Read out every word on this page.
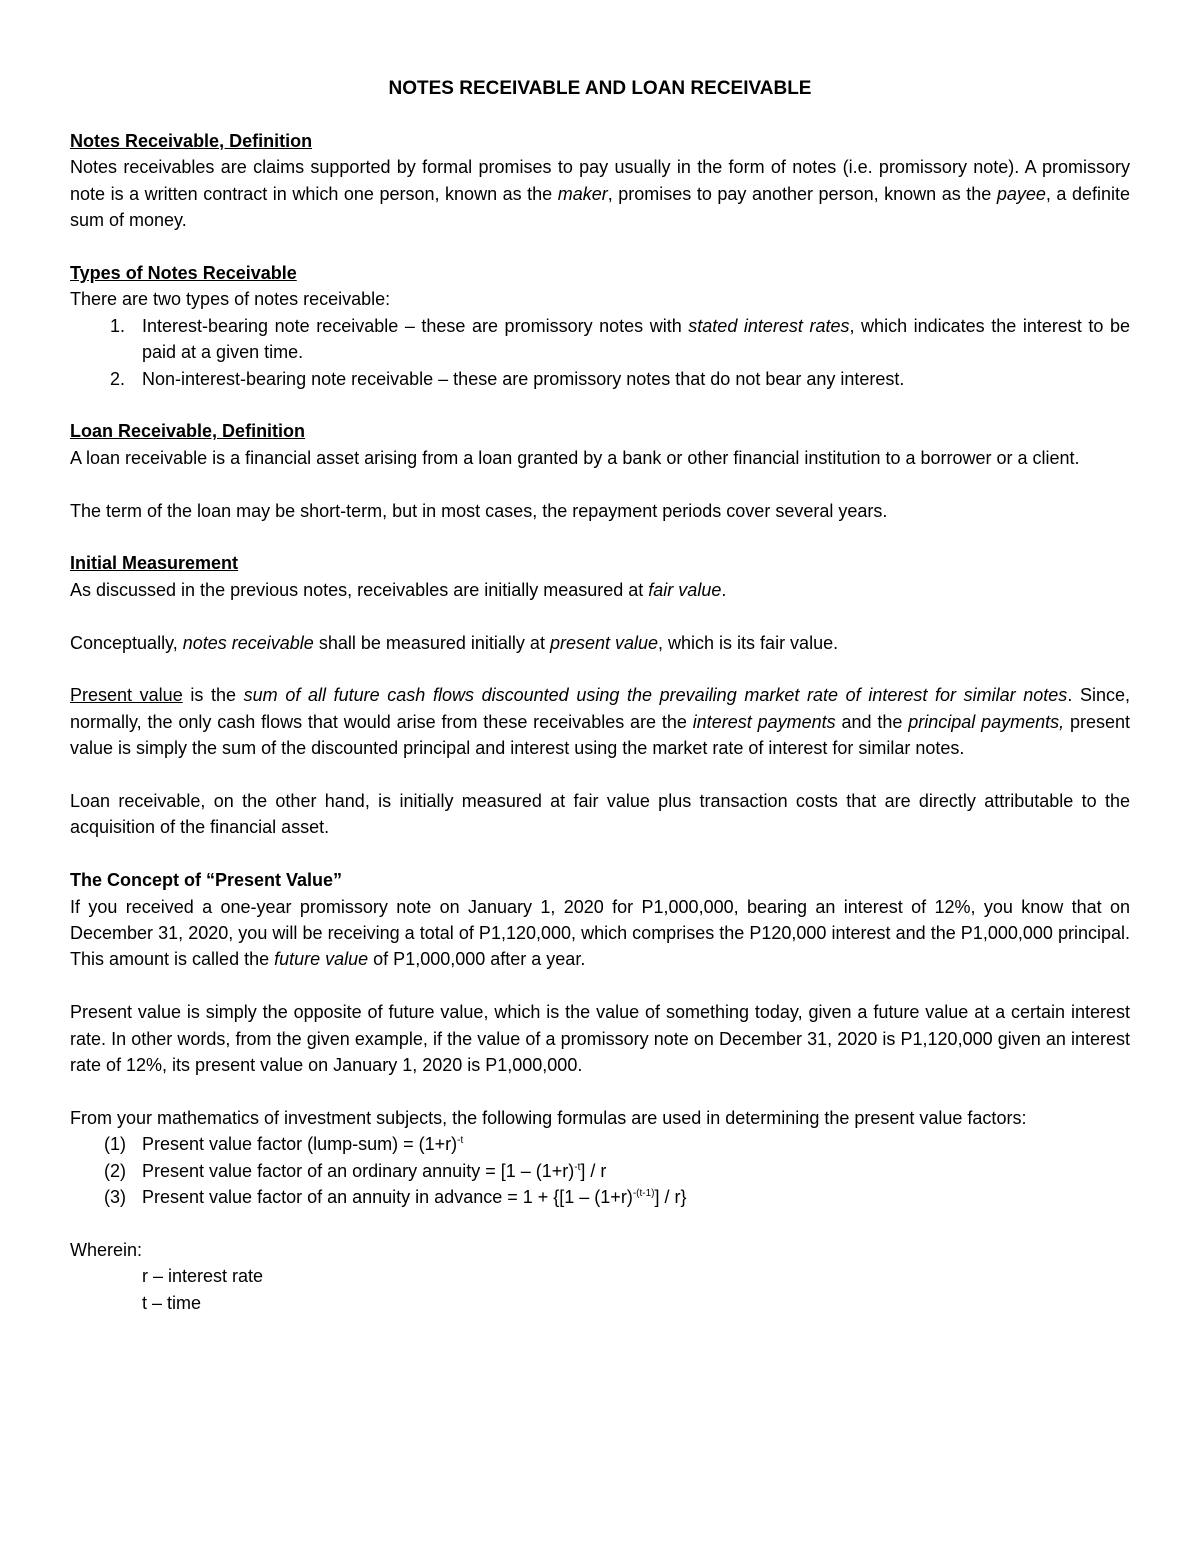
NOTES RECEIVABLE AND LOAN RECEIVABLE

Notes Receivable, Definition

Notes receivables are claims supported by formal promises to pay usually in the form of notes (i.e. promissory note). A promissory note is a written contract in which one person, known as the maker, promises to pay another person, known as the payee, a definite sum of money.

Types of Notes Receivable

There are two types of notes receivable:

1. Interest-bearing note receivable – these are promissory notes with stated interest rates, which indicates the interest to be paid at a given time.
2. Non-interest-bearing note receivable – these are promissory notes that do not bear any interest.

Loan Receivable, Definition

A loan receivable is a financial asset arising from a loan granted by a bank or other financial institution to a borrower or a client.

The term of the loan may be short-term, but in most cases, the repayment periods cover several years.

Initial Measurement

As discussed in the previous notes, receivables are initially measured at fair value.

Conceptually, notes receivable shall be measured initially at present value, which is its fair value.

Present value is the sum of all future cash flows discounted using the prevailing market rate of interest for similar notes. Since, normally, the only cash flows that would arise from these receivables are the interest payments and the principal payments, present value is simply the sum of the discounted principal and interest using the market rate of interest for similar notes.

Loan receivable, on the other hand, is initially measured at fair value plus transaction costs that are directly attributable to the acquisition of the financial asset.

The Concept of “Present Value”

If you received a one-year promissory note on January 1, 2020 for P1,000,000, bearing an interest of 12%, you know that on December 31, 2020, you will be receiving a total of P1,120,000, which comprises the P120,000 interest and the P1,000,000 principal. This amount is called the future value of P1,000,000 after a year.

Present value is simply the opposite of future value, which is the value of something today, given a future value at a certain interest rate. In other words, from the given example, if the value of a promissory note on December 31, 2020 is P1,120,000 given an interest rate of 12%, its present value on January 1, 2020 is P1,000,000.

From your mathematics of investment subjects, the following formulas are used in determining the present value factors:

(1) Present value factor (lump-sum) = $(1+r)^{-t}$
(2) Present value factor of an ordinary annuity = $[1 - (1+r)^{-t}] / r$
(3) Present value factor of an annuity in advance = $1 + \{[1 - (1+r)^{-(t-1)}] / r\}$

Wherein:

r – interest rate

t – time
